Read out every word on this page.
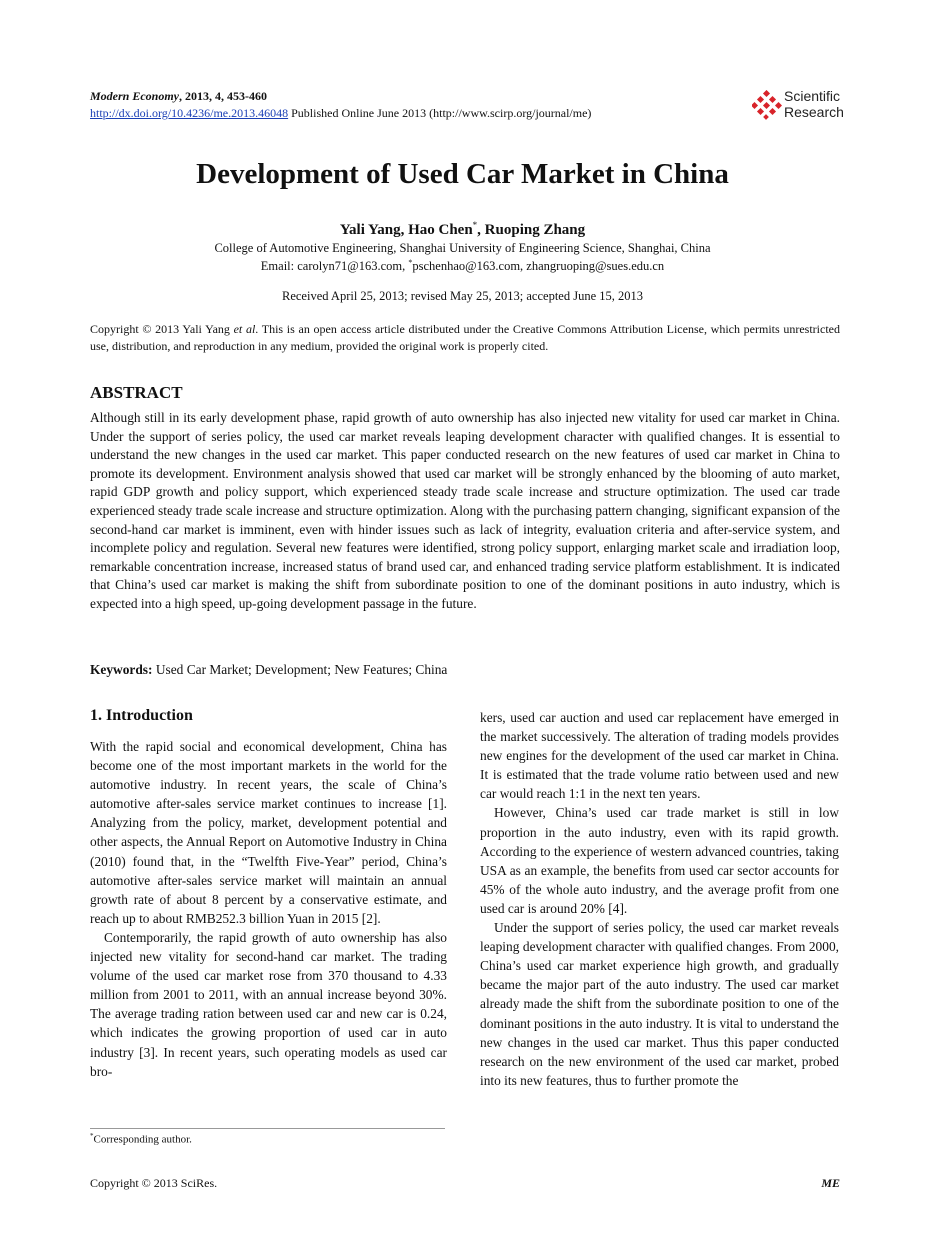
Modern Economy, 2013, 4, 453-460
http://dx.doi.org/10.4236/me.2013.46048 Published Online June 2013 (http://www.scirp.org/journal/me)
Scientific
Research
Development of Used Car Market in China
Yali Yang, Hao Chen*, Ruoping Zhang
College of Automotive Engineering, Shanghai University of Engineering Science, Shanghai, China
Email: carolyn71@163.com, *pschenhao@163.com, zhangruoping@sues.edu.cn
Received April 25, 2013; revised May 25, 2013; accepted June 15, 2013
Copyright © 2013 Yali Yang et al. This is an open access article distributed under the Creative Commons Attribution License, which permits unrestricted use, distribution, and reproduction in any medium, provided the original work is properly cited.
ABSTRACT
Although still in its early development phase, rapid growth of auto ownership has also injected new vitality for used car market in China. Under the support of series policy, the used car market reveals leaping development character with qualified changes. It is essential to understand the new changes in the used car market. This paper conducted research on the new features of used car market in China to promote its development. Environment analysis showed that used car market will be strongly enhanced by the blooming of auto market, rapid GDP growth and policy support, which experienced steady trade scale increase and structure optimization. The used car trade experienced steady trade scale increase and structure optimization. Along with the purchasing pattern changing, significant expansion of the second-hand car market is imminent, even with hinder issues such as lack of integrity, evaluation criteria and after-service system, and incomplete policy and regulation. Several new features were identified, strong policy support, enlarging market scale and irradiation loop, remarkable concentration increase, increased status of brand used car, and enhanced trading service platform establishment. It is indicated that China’s used car market is making the shift from subordinate position to one of the dominant positions in auto industry, which is expected into a high speed, up-going development passage in the future.
Keywords: Used Car Market; Development; New Features; China
1. Introduction

With the rapid social and economical development, China has become one of the most important markets in the world for the automotive industry. In recent years, the scale of China’s automotive after-sales service market continues to increase [1]. Analyzing from the policy, market, development potential and other aspects, the Annual Report on Automotive Industry in China (2010) found that, in the “Twelfth Five-Year” period, China’s automotive after-sales service market will maintain an annual growth rate of about 8 percent by a conservative estimate, and reach up to about RMB252.3 billion Yuan in 2015 [2].

Contemporarily, the rapid growth of auto ownership has also injected new vitality for second-hand car market. The trading volume of the used car market rose from 370 thousand to 4.33 million from 2001 to 2011, with an annual increase beyond 30%. The average trading ration between used car and new car is 0.24, which indicates the growing proportion of used car in auto industry [3]. In recent years, such operating models as used car bro-

kers, used car auction and used car replacement have emerged in the market successively. The alteration of trading models provides new engines for the development of the used car market in China. It is estimated that the trade volume ratio between used and new car would reach 1:1 in the next ten years.

However, China’s used car trade market is still in low proportion in the auto industry, even with its rapid growth. According to the experience of western advanced countries, taking USA as an example, the benefits from used car sector accounts for 45% of the whole auto industry, and the average profit from one used car is around 20% [4].

Under the support of series policy, the used car market reveals leaping development character with qualified changes. From 2000, China’s used car market experience high growth, and gradually became the major part of the auto industry. The used car market already made the shift from the subordinate position to one of the dominant positions in the auto industry. It is vital to understand the new changes in the used car market. Thus this paper conducted research on the new environment of the used car market, probed into its new features, thus to further promote the

*Corresponding author.
Copyright © 2013 SciRes.	ME
